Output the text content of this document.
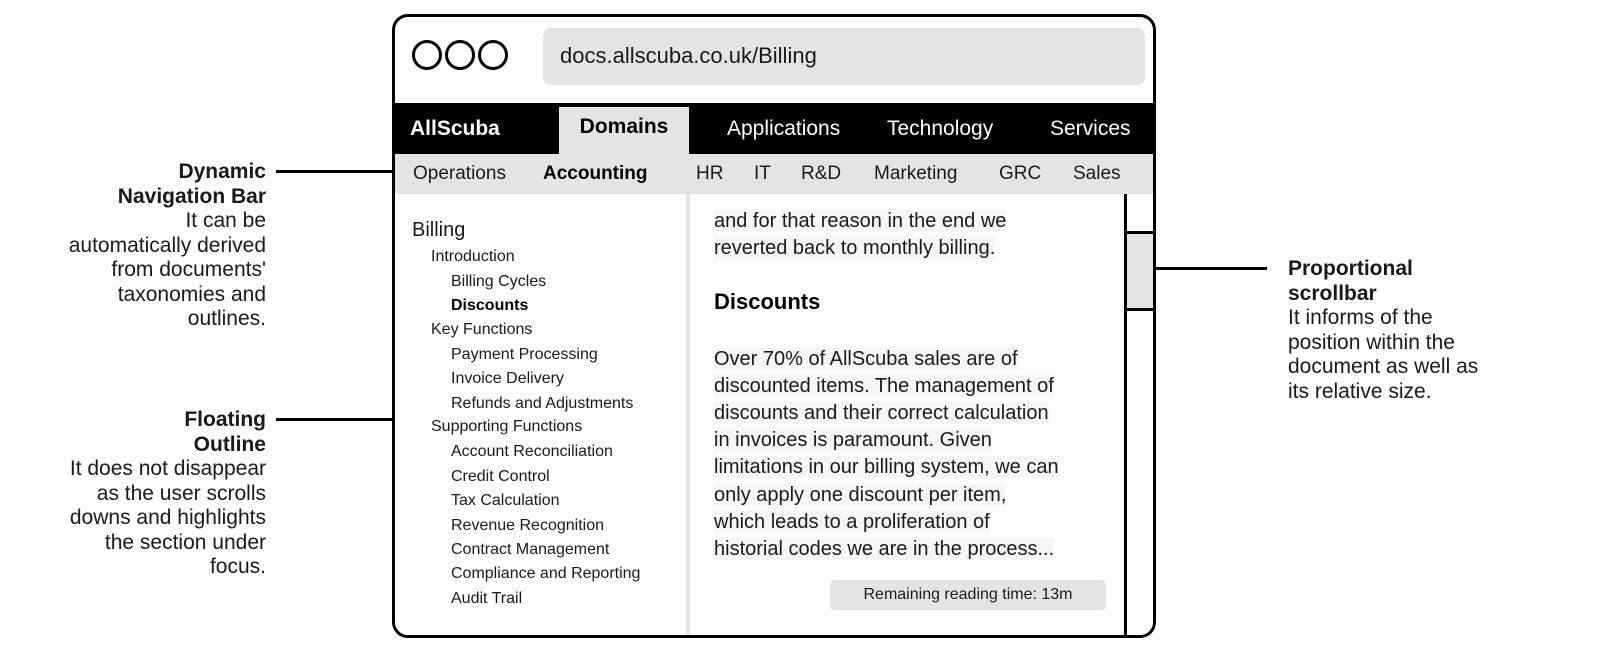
Dynamic
Navigation Bar
It can be
automatically derived
from documents'
taxonomies and
outlines.
Floating
Outline
It does not disappear
as the user scrolls
downs and highlights
the section under
focus.
Proportional
scrollbar
It informs of the
position within the
document as well as
its relative size.
docs.allscuba.co.uk/Billing
AllScuba	Domains	Applications Technology	Services
Operations Accounting	HR IT R&D Marketing GRC Sales
Billing
Introduction
Billing Cycles
Discounts
Key Functions
Payment Processing
Invoice Delivery
Refunds and Adjustments
Supporting Functions
Account Reconciliation
Credit Control
Tax Calculation
Revenue Recognition
Contract Management
Compliance and Reporting
Audit Trail

and for that reason in the end we

reverted back to monthly billing.

Discounts

Over 70% of AllScuba sales are of

discounted items. The management of

discounts and their correct calculation

in invoices is paramount. Given

limitations in our billing system, we can

only apply one discount per item,

which leads to a proliferation of

historial codes we are in the process...

Remaining reading time: 13m
